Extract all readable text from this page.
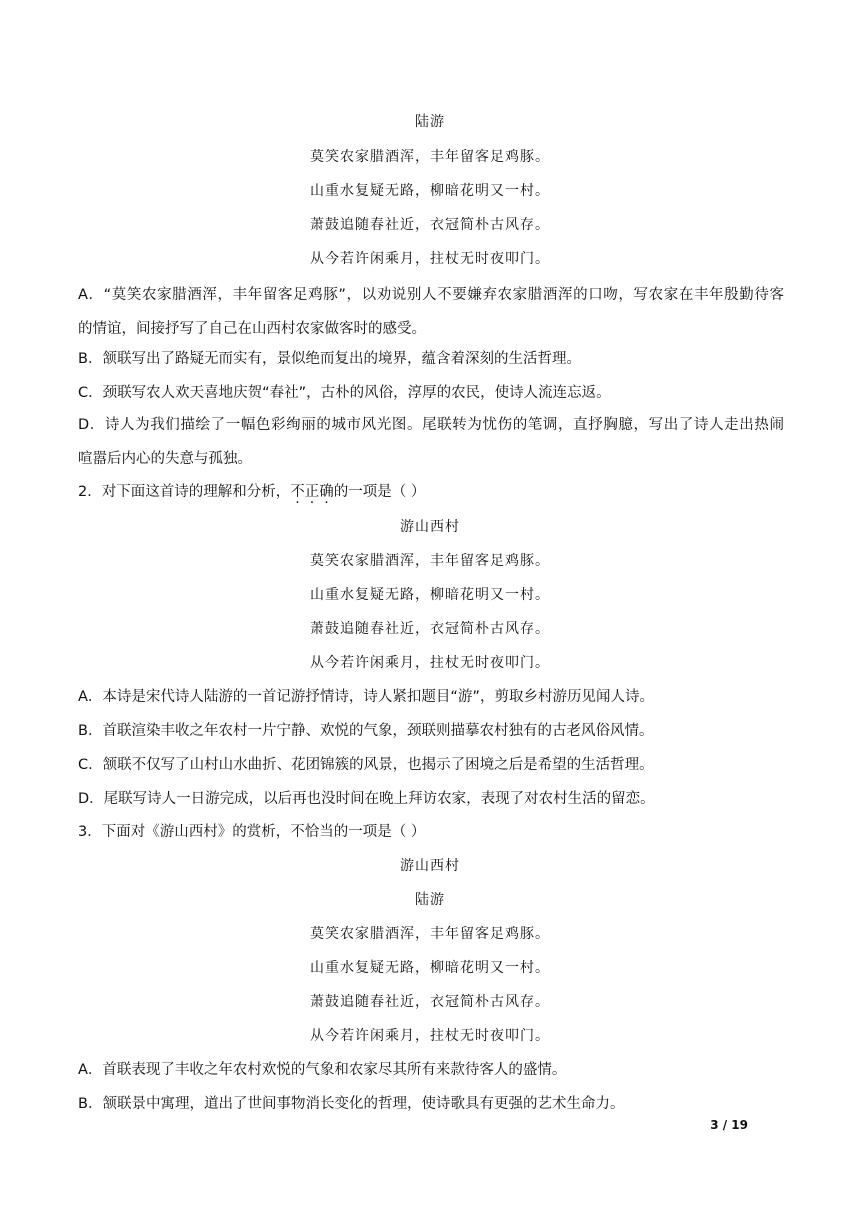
陆游
莫笑农家腊酒浑，丰年留客足鸡豚。
山重水复疑无路，柳暗花明又一村。
萧鼓追随春社近，衣冠简朴古风存。
从今若许闲乘月，拄杖无时夜叩门。
A．“莫笑农家腊酒浑，丰年留客足鸡豚”，以劝说别人不要嫌弃农家腊酒浑的口吻，写农家在丰年殷勤待客
的情谊，间接抒写了自己在山西村农家做客时的感受。
B．颔联写出了路疑无而实有，景似绝而复出的境界，蕴含着深刻的生活哲理。
C．颈联写农人欢天喜地庆贺“春社”，古朴的风俗，淳厚的农民，使诗人流连忘返。
D．诗人为我们描绘了一幅色彩绚丽的城市风光图。尾联转为忧伤的笔调，直抒胸臆，写出了诗人走出热闹
喧嚣后内心的失意与孤独。
2．对下面这首诗的理解和分析，不正确的一项是（ ）
游山西村
莫笑农家腊酒浑，丰年留客足鸡豚。
山重水复疑无路，柳暗花明又一村。
萧鼓追随春社近，衣冠简朴古风存。
从今若许闲乘月，拄杖无时夜叩门。
A．本诗是宋代诗人陆游的一首记游抒情诗，诗人紧扣题目“游”，剪取乡村游历见闻人诗。
B．首联渲染丰收之年农村一片宁静、欢悦的气象，颈联则描摹农村独有的古老风俗风情。
C．颔联不仅写了山村山水曲折、花团锦簇的风景，也揭示了困境之后是希望的生活哲理。
D．尾联写诗人一日游完成，以后再也没时间在晚上拜访农家，表现了对农村生活的留恋。
3．下面对《游山西村》的赏析，不恰当的一项是（ ）
游山西村
陆游
莫笑农家腊酒浑，丰年留客足鸡豚。
山重水复疑无路，柳暗花明又一村。
萧鼓追随春社近，衣冠简朴古风存。
从今若许闲乘月，拄杖无时夜叩门。
A．首联表现了丰收之年农村欢悦的气象和农家尽其所有来款待客人的盛情。
B．颔联景中寓理，道出了世间事物消长变化的哲理，使诗歌具有更强的艺术生命力。
3 / 19
